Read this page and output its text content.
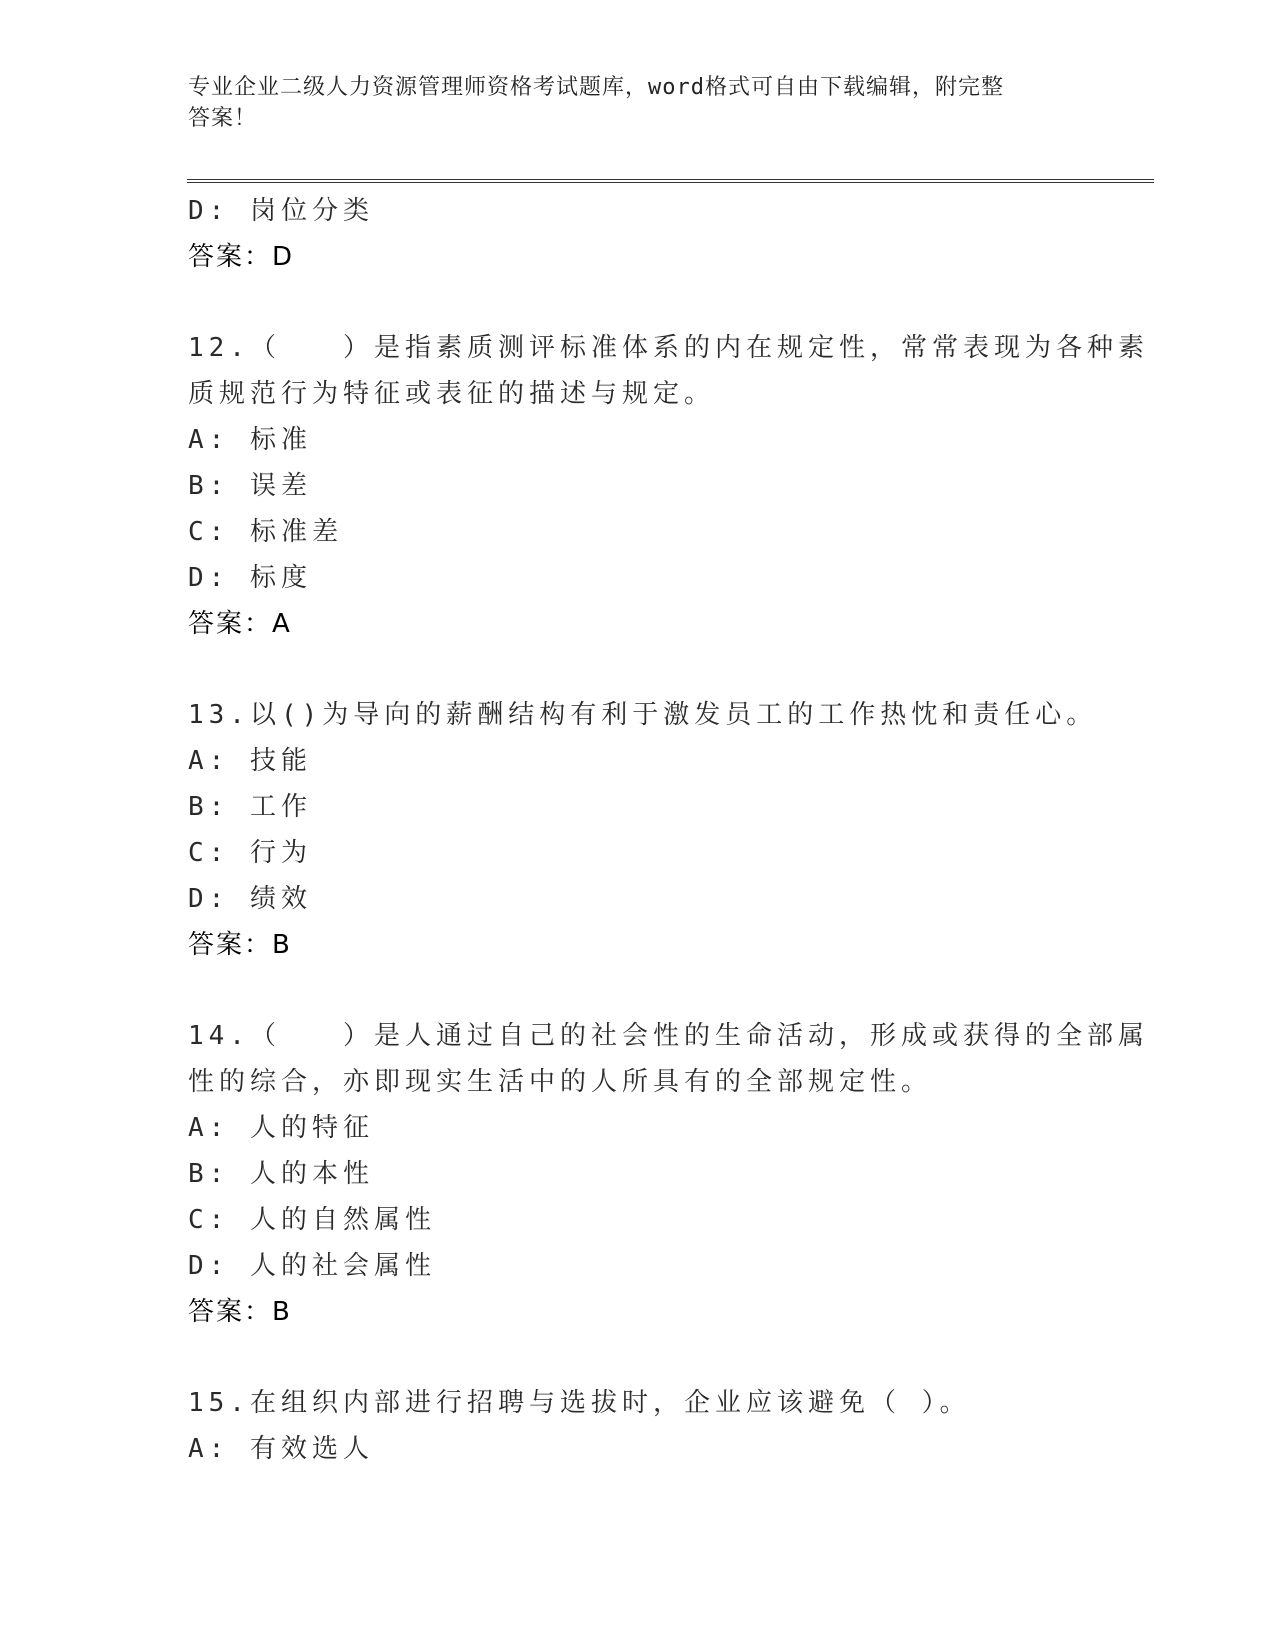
专业企业二级人力资源管理师资格考试题库，word格式可自由下载编辑，附完整
答案！
D: 岗位分类
答案：D
12.（　　）是指素质测评标准体系的内在规定性，常常表现为各种素
质规范行为特征或表征的描述与规定。
A: 标准
B: 误差
C: 标准差
D: 标度
答案：A
13.以()为导向的薪酬结构有利于激发员工的工作热忱和责任心。
A: 技能
B: 工作
C: 行为
D: 绩效
答案：B
14.（　　）是人通过自己的社会性的生命活动，形成或获得的全部属
性的综合，亦即现实生活中的人所具有的全部规定性。
A: 人的特征
B: 人的本性
C: 人的自然属性
D: 人的社会属性
答案：B
15.在组织内部进行招聘与选拔时，企业应该避免（ ）。
A: 有效选人
